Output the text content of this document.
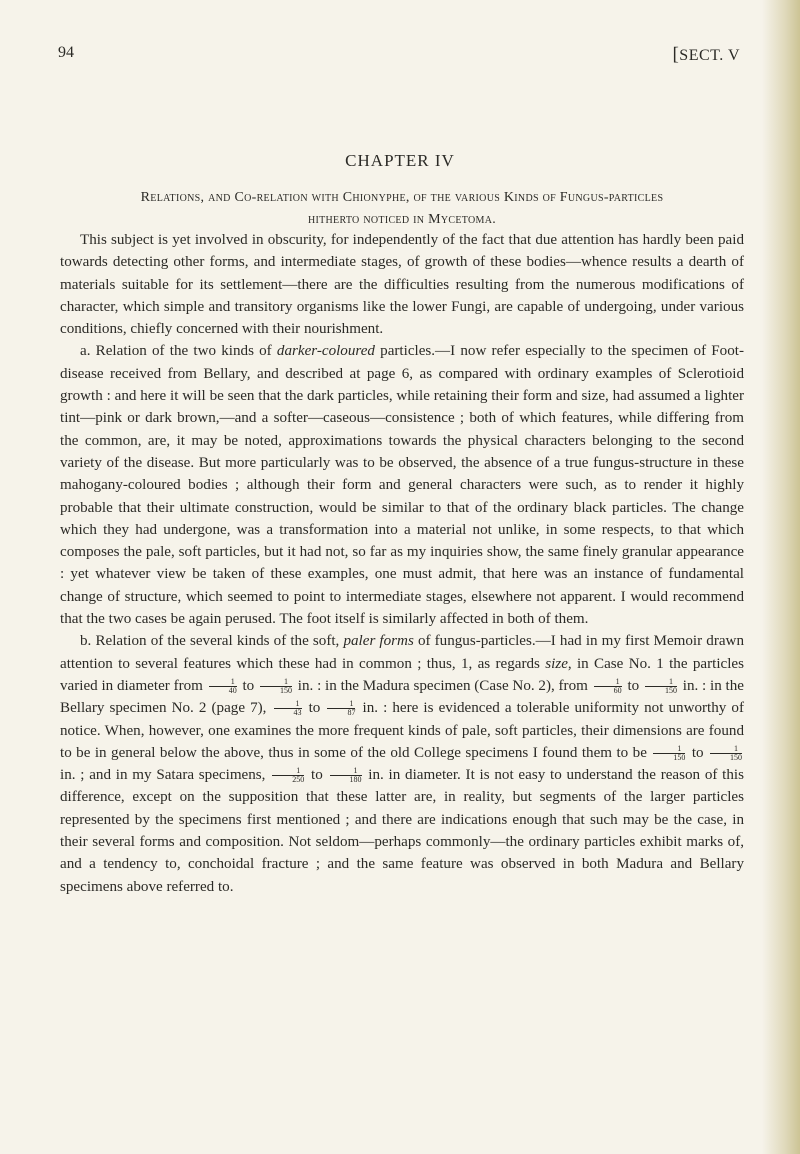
94	[SECT. V
CHAPTER IV
Relations, and Co-relation with Chionyphe, of the various Kinds of Fungus-particles
hitherto noticed in Mycetoma.

This subject is yet involved in obscurity, for independently of the fact that due attention has hardly been paid towards detecting other forms, and intermediate stages, of growth of these bodies—whence results a dearth of materials suitable for its settlement—there are the difficulties resulting from the numerous modifications of character, which simple and transitory organisms like the lower Fungi, are capable of undergoing, under various conditions, chiefly concerned with their nourishment.

a. Relation of the two kinds of darker-coloured particles.—I now refer especially to the specimen of Foot-disease received from Bellary, and described at page 6, as compared with ordinary examples of Sclerotioid growth : and here it will be seen that the dark particles, while retaining their form and size, had assumed a lighter tint—pink or dark brown,—and a softer—caseous—consistence ; both of which features, while differing from the common, are, it may be noted, approximations towards the physical characters belonging to the second variety of the disease. But more particularly was to be observed, the absence of a true fungus-structure in these mahogany-coloured bodies ; although their form and general characters were such, as to render it highly probable that their ultimate construction, would be similar to that of the ordinary black particles. The change which they had undergone, was a transformation into a material not unlike, in some respects, to that which composes the pale, soft particles, but it had not, so far as my inquiries show, the same finely granular appearance : yet whatever view be taken of these examples, one must admit, that here was an instance of fundamental change of structure, which seemed to point to intermediate stages, elsewhere not apparent. I would recommend that the two cases be again perused. The foot itself is similarly affected in both of them.

b. Relation of the several kinds of the soft, paler forms of fungus-particles.—I had in my first Memoir drawn attention to several features which these had in common ; thus, 1, as regards size, in Case No. 1 the particles varied in diameter from $\frac{1}{40}$ to $\frac{1}{150}$ in. : in the Madura specimen (Case No. 2), from $\frac{1}{60}$ to $\frac{1}{150}$ in. : in the Bellary specimen No. 2 (page 7), $\frac{1}{43}$ to $\frac{1}{87}$ in. : here is evidenced a tolerable uniformity not unworthy of notice. When, however, one examines the more frequent kinds of pale, soft particles, their dimensions are found to be in general below the above, thus in some of the old College specimens I found them to be $\frac{1}{150}$ to $\frac{1}{150}$
in. ; and in my Satara specimens, $\frac{1}{250}$ to $\frac{1}{180}$ in. in diameter. It is not easy to understand the reason of this difference, except on the supposition that these latter are, in reality, but segments of the larger particles represented by the specimens first mentioned ; and there are indications enough that such may be the case, in their several forms and composition. Not seldom—perhaps commonly—the ordinary particles exhibit marks of, and a tendency to, conchoidal fracture ; and the same feature was observed in both Madura and Bellary specimens above referred to.
